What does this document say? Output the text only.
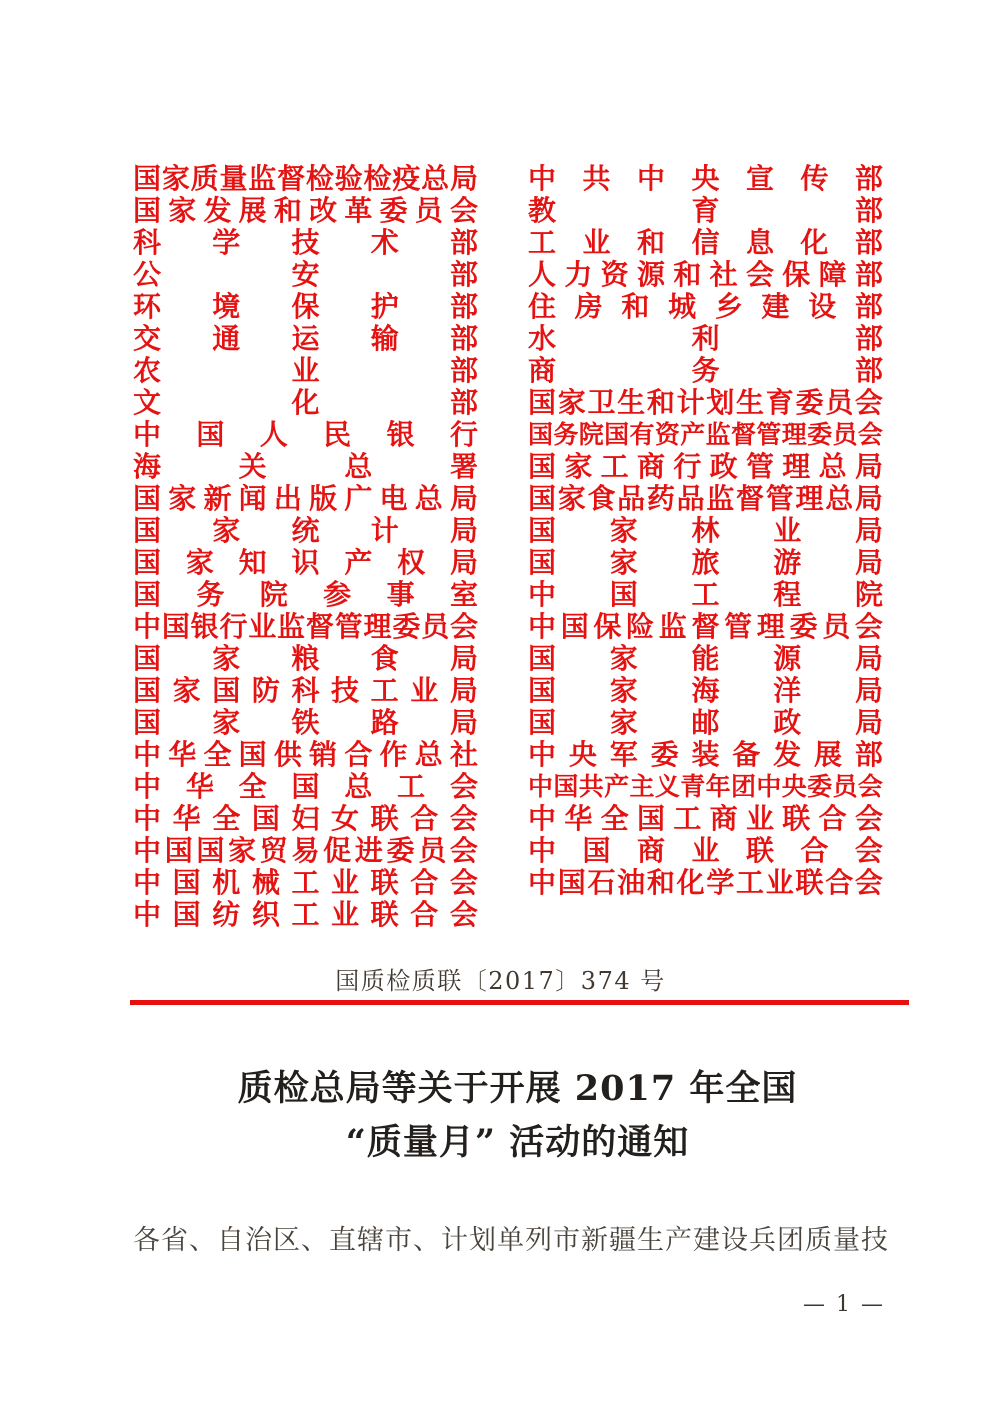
国 家 质 量 监 督 检 验 检 疫 总 局
国 家 发 展 和 改 革 委 员 会
科 学 技 术 部
公	安	部
环 境 保 护 部
交 通 运 输 部
农	业	部
文	化	部
中 国 人 民 银 行
海	关	总	署
国 家 新 闻 出 版 广 电 总 局
国 家 统 计 局
国 家 知 识 产 权 局
国 务 院 参 事 室
中 国 银 行 业 监 督 管 理 委 员 会
国 家 粮 食 局
国 家 国 防 科 技 工 业 局
国 家 铁 路 局
中 华 全 国 供 销 合 作 总 社
中 华 全 国 总 工 会
中 华 全 国 妇 女 联 合 会
中 国 国 家 贸 易 促 进 委 员 会
中 国 机 械 工 业 联 合 会
中 国 纺 织 工 业 联 合 会
中 共 中 央 宣 传 部
教	育	部
工 业 和 信 息 化 部
人 力 资 源 和 社 会 保 障 部
住 房 和 城 乡 建 设 部
水	利	部
商	务	部
国 家 卫 生 和 计 划 生 育 委 员 会
国 务 院 国 有 资 产 监 督 管 理 委 员 会
国 家 工 商 行 政 管 理 总 局
国 家 食 品 药 品 监 督 管 理 总 局
国 家 林 业 局
国 家 旅 游 局
中 国 工 程 院
中 国 保 险 监 督 管 理 委 员 会
国 家 能 源 局
国 家 海 洋 局
国 家 邮 政 局
中 央 军 委 装 备 发 展 部
中 国 共 产 主 义 青 年 团 中 央 委 员 会
中 华 全 国 工 商 业 联 合 会
中 国 商 业 联 合 会
中 国 石 油 和 化 学 工 业 联 合 会
国质检质联〔2017〕374 号
质检总局等关于开展 2017 年全国
“质量月” 活动的通知

各省、自治区、直辖市、计划单列市新疆生产建设兵团质量技

— 1 —
